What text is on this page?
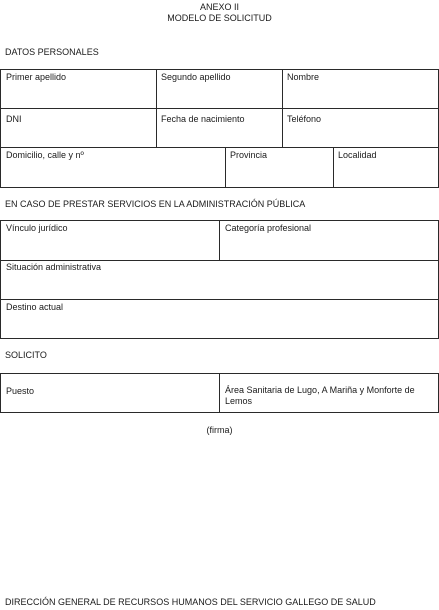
ANEXO II
MODELO DE SOLICITUD
DATOS PERSONALES
Primer apellido	Segundo apellido	Nombre
DNI	Fecha de nacimiento	Teléfono
Domicilio, calle y nº	Provincia	Localidad
EN CASO DE PRESTAR SERVICIOS EN LA ADMINISTRACIÓN PÚBLICA
Vínculo jurídico	Categoría profesional
Situación administrativa
Destino actual
SOLICITO
Puesto	Área Sanitaria de Lugo, A Mariña y Monforte de Lemos
(firma)
DIRECCIÓN GENERAL DE RECURSOS HUMANOS DEL SERVICIO GALLEGO DE SALUD
